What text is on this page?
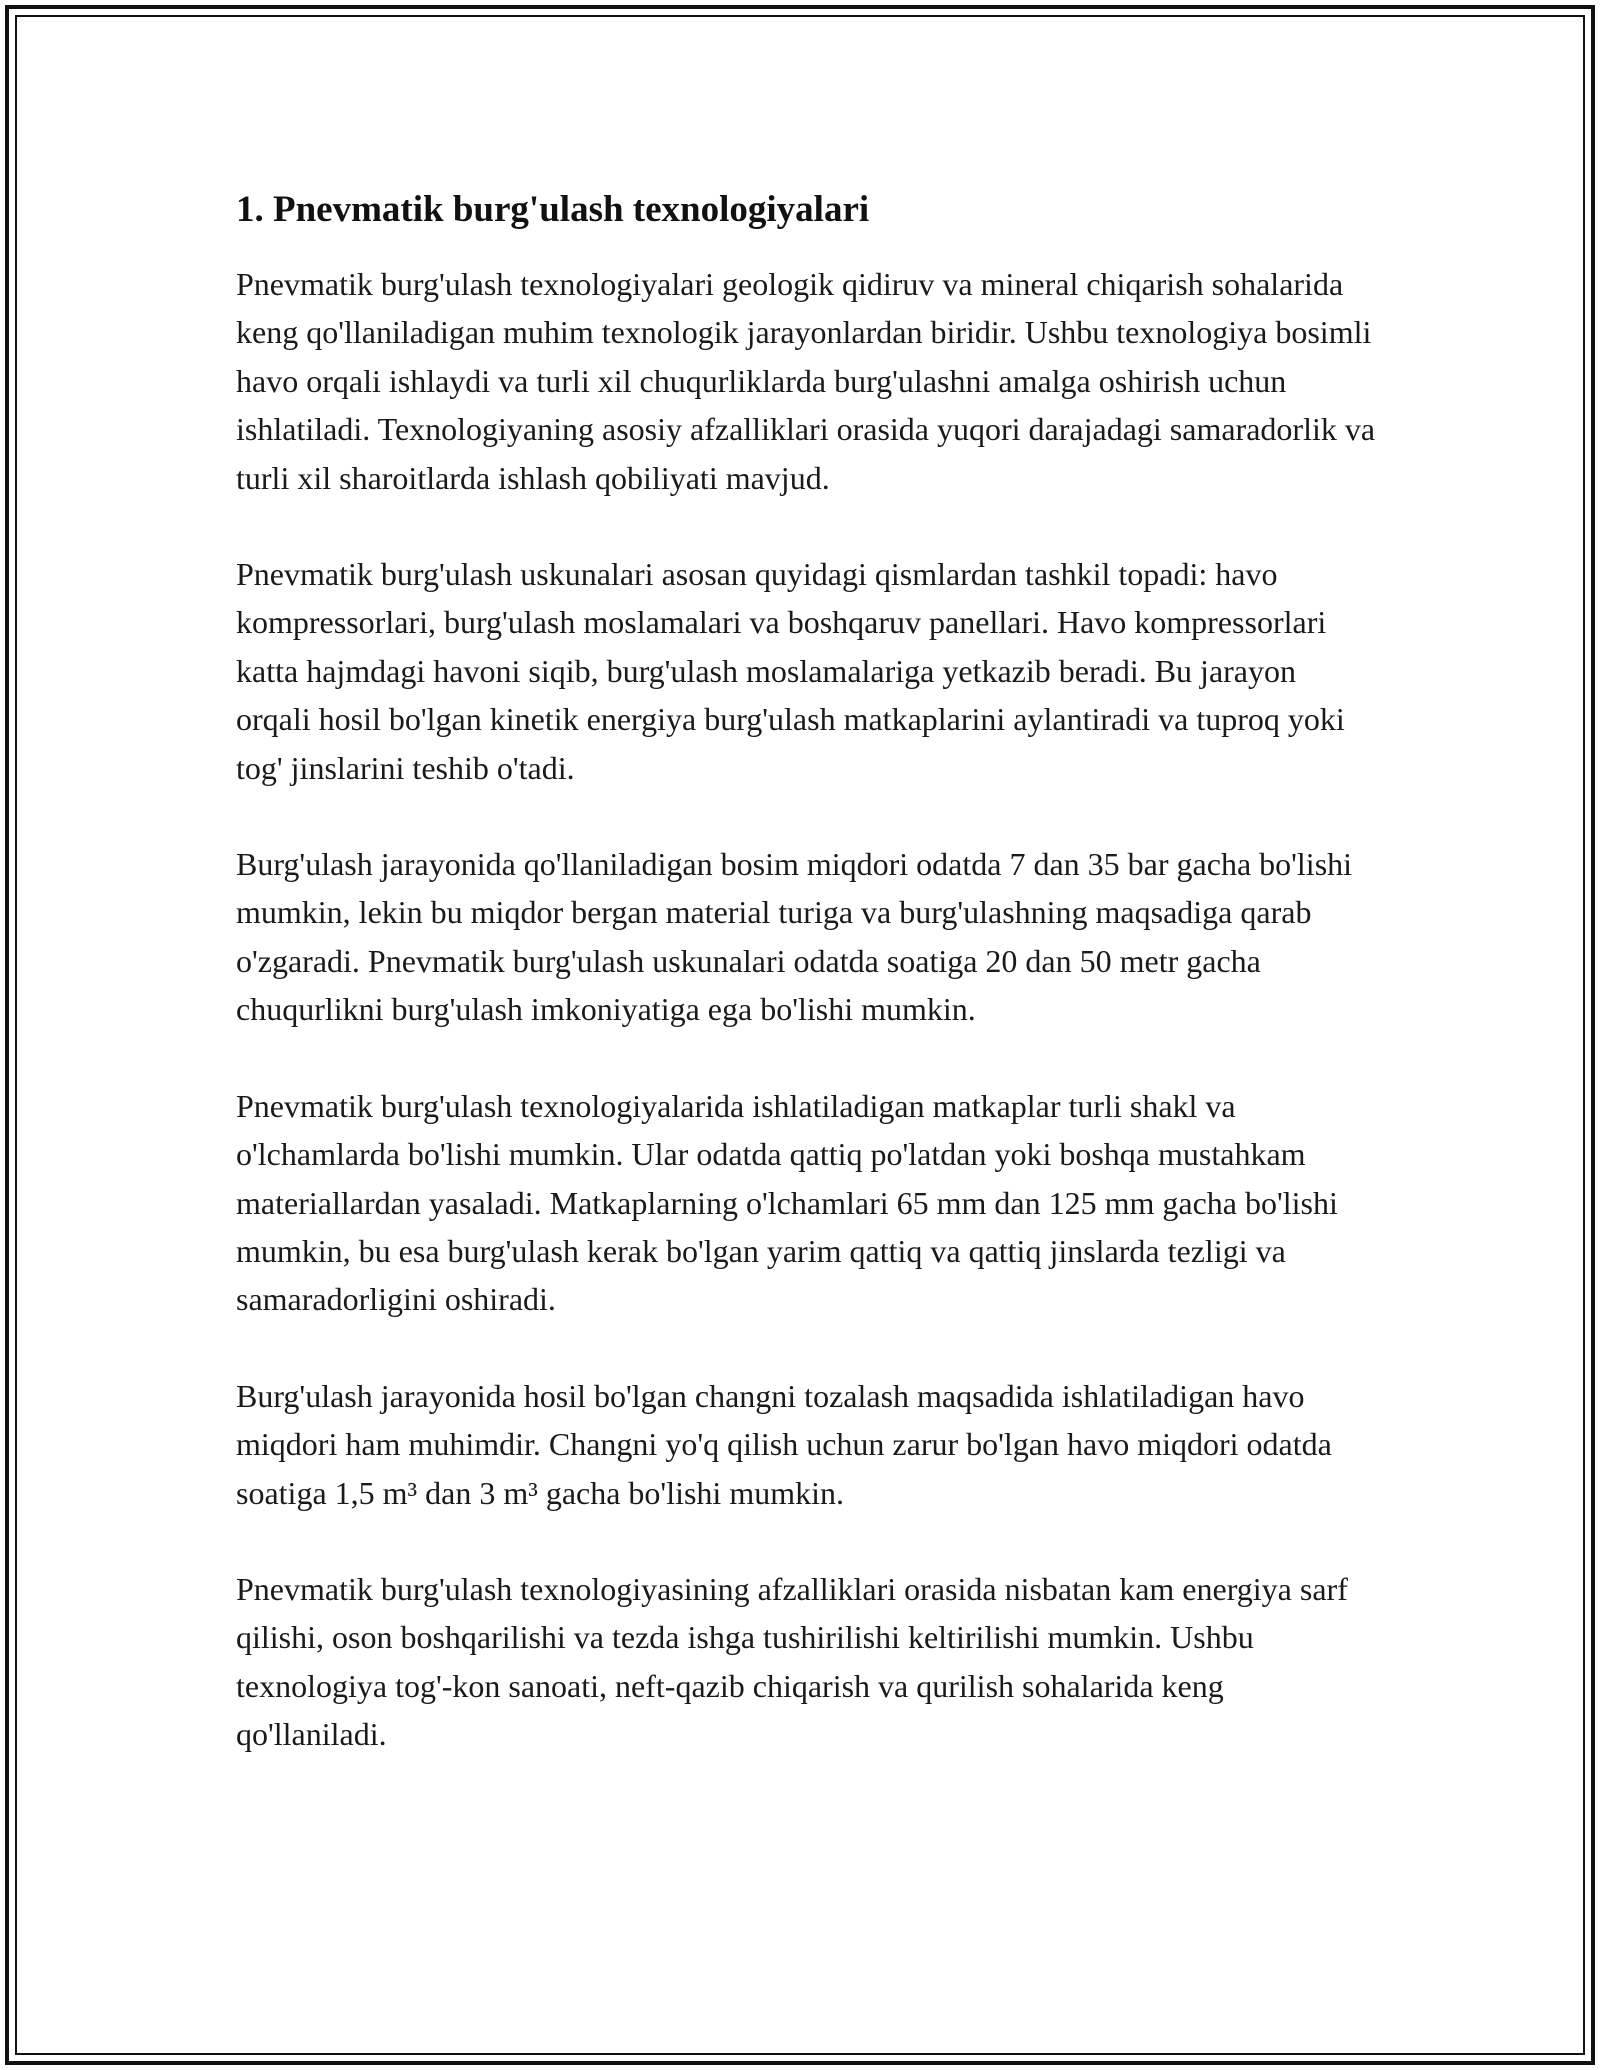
1. Pnevmatik burg'ulash texnologiyalari

Pnevmatik burg'ulash texnologiyalari geologik qidiruv va mineral chiqarish sohalarida keng qo'llaniladigan muhim texnologik jarayonlardan biridir. Ushbu texnologiya bosimli havo orqali ishlaydi va turli xil chuqurliklarda burg'ulashni amalga oshirish uchun ishlatiladi. Texnologiyaning asosiy afzalliklari orasida yuqori darajadagi samaradorlik va turli xil sharoitlarda ishlash qobiliyati mavjud.

Pnevmatik burg'ulash uskunalari asosan quyidagi qismlardan tashkil topadi: havo kompressorlari, burg'ulash moslamalari va boshqaruv panellari. Havo kompressorlari katta hajmdagi havoni siqib, burg'ulash moslamalariga yetkazib beradi. Bu jarayon orqali hosil bo'lgan kinetik energiya burg'ulash matkaplarini aylantiradi va tuproq yoki tog' jinslarini teshib o'tadi.

Burg'ulash jarayonida qo'llaniladigan bosim miqdori odatda 7 dan 35 bar gacha bo'lishi mumkin, lekin bu miqdor bergan material turiga va burg'ulashning maqsadiga qarab o'zgaradi. Pnevmatik burg'ulash uskunalari odatda soatiga 20 dan 50 metr gacha chuqurlikni burg'ulash imkoniyatiga ega bo'lishi mumkin.

Pnevmatik burg'ulash texnologiyalarida ishlatiladigan matkaplar turli shakl va o'lchamlarda bo'lishi mumkin. Ular odatda qattiq po'latdan yoki boshqa mustahkam materiallardan yasaladi. Matkaplarning o'lchamlari 65 mm dan 125 mm gacha bo'lishi mumkin, bu esa burg'ulash kerak bo'lgan yarim qattiq va qattiq jinslarda tezligi va samaradorligini oshiradi.

Burg'ulash jarayonida hosil bo'lgan changni tozalash maqsadida ishlatiladigan havo miqdori ham muhimdir. Changni yo'q qilish uchun zarur bo'lgan havo miqdori odatda soatiga 1,5 m³ dan 3 m³ gacha bo'lishi mumkin.

Pnevmatik burg'ulash texnologiyasining afzalliklari orasida nisbatan kam energiya sarf qilishi, oson boshqarilishi va tezda ishga tushirilishi keltirilishi mumkin. Ushbu texnologiya tog'-kon sanoati, neft-qazib chiqarish va qurilish sohalarida keng qo'llaniladi.
